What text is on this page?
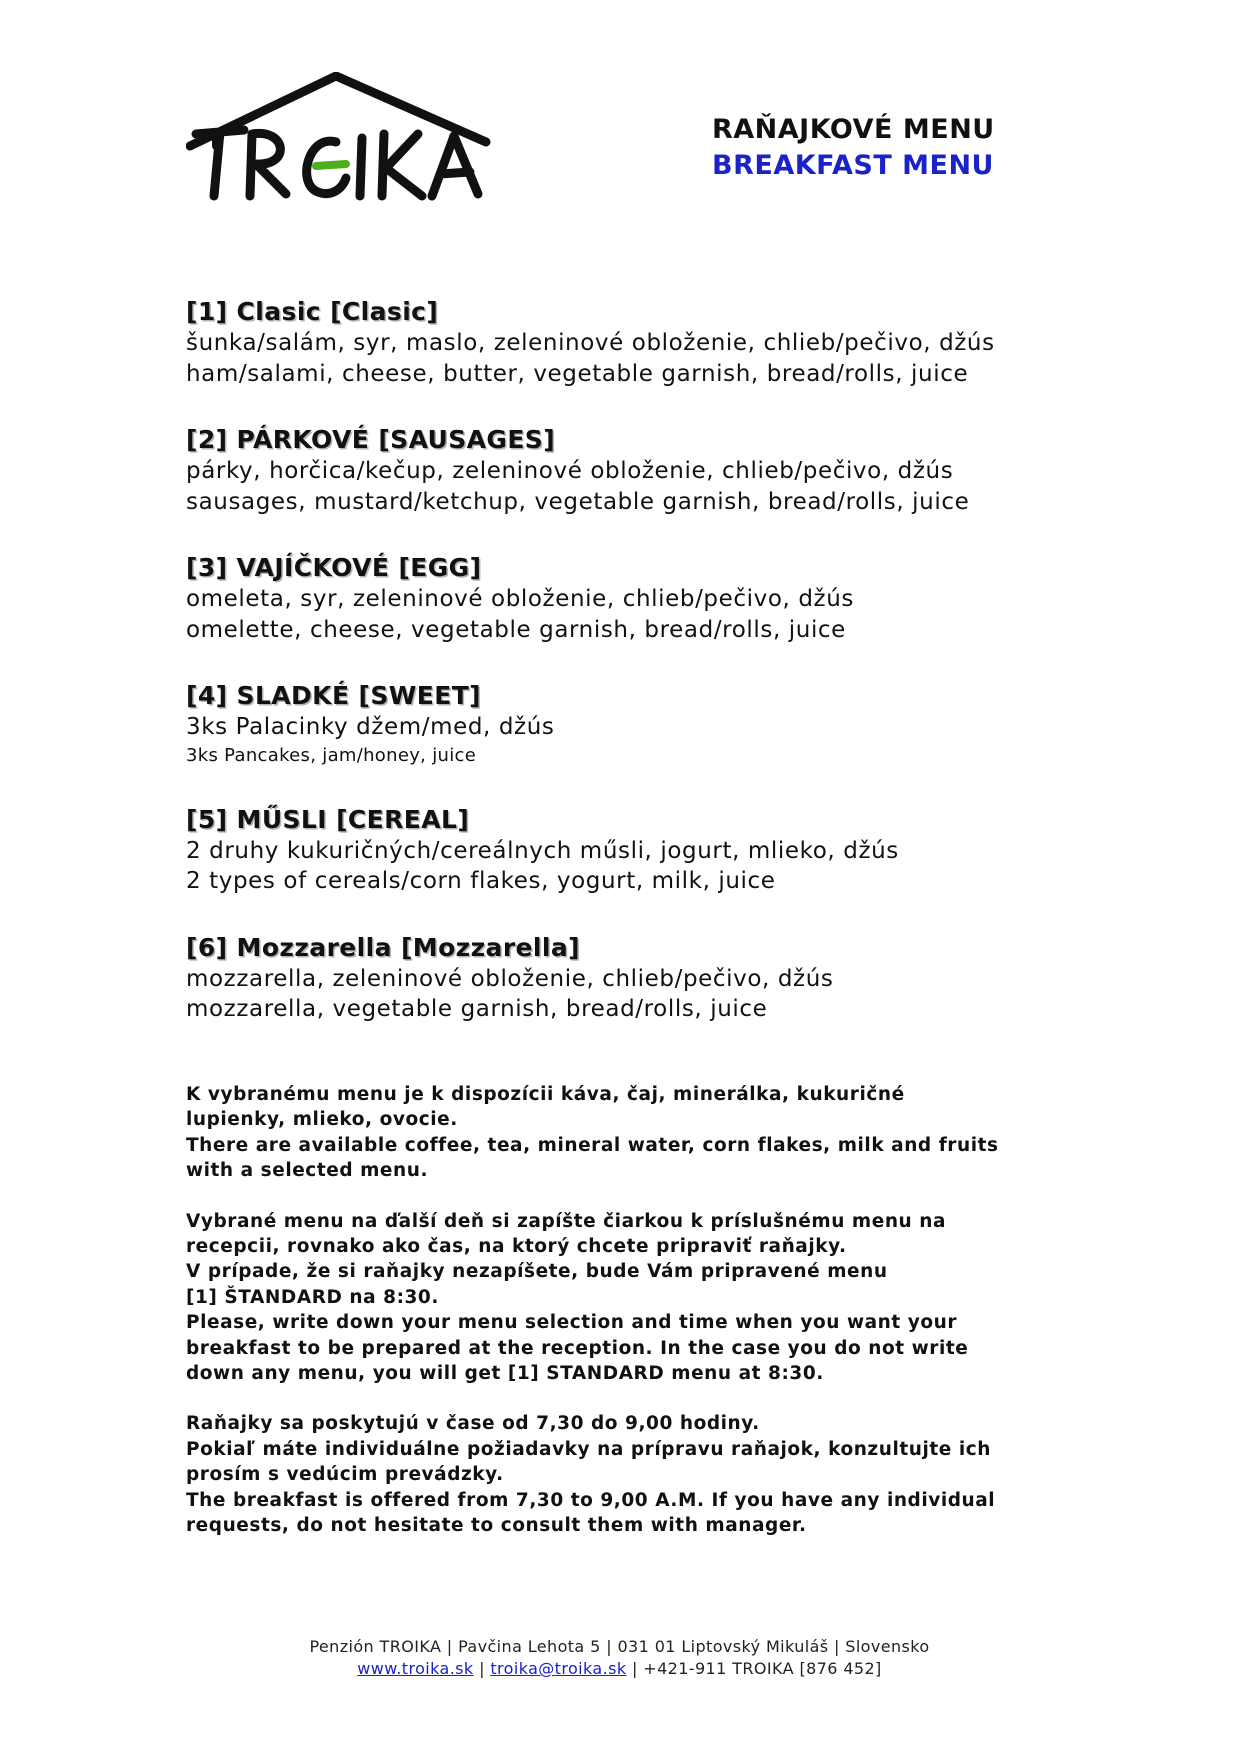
RAŇAJKOVÉ MENU
BREAKFAST MENU
[1] Clasic [Clasic]
šunka/salám, syr, maslo, zeleninové obloženie, chlieb/pečivo, džús
ham/salami, cheese, butter, vegetable garnish, bread/rolls, juice
[2] PÁRKOVÉ [SAUSAGES]
párky, horčica/kečup, zeleninové obloženie, chlieb/pečivo, džús
sausages, mustard/ketchup, vegetable garnish, bread/rolls, juice
[3] VAJÍČKOVÉ [EGG]
omeleta, syr, zeleninové obloženie, chlieb/pečivo, džús
omelette, cheese, vegetable garnish, bread/rolls, juice
[4] SLADKÉ [SWEET]
3ks Palacinky džem/med, džús
3ks Pancakes, jam/honey, juice
[5] MŰSLI [CEREAL]
2 druhy kukuričných/cereálnych műsli, jogurt, mlieko, džús
2 types of cereals/corn flakes, yogurt, milk, juice
[6] Mozzarella [Mozzarella]
mozzarella, zeleninové obloženie, chlieb/pečivo, džús
mozzarella, vegetable garnish, bread/rolls, juice

K vybranému menu je k dispozícii káva, čaj, minerálka, kukuričné
lupienky, mlieko, ovocie.
There are available coffee, tea, mineral water, corn flakes, milk and fruits
with a selected menu.

Vybrané menu na ďalší deň si zapíšte čiarkou k príslušnému menu na
recepcii, rovnako ako čas, na ktorý chcete pripraviť raňajky.
V prípade, že si raňajky nezapíšete, bude Vám pripravené menu
[1] ŠTANDARD na 8:30.
Please, write down your menu selection and time when you want your
breakfast to be prepared at the reception. In the case you do not write
down any menu, you will get [1] STANDARD menu at 8:30.

Raňajky sa poskytujú v čase od 7,30 do 9,00 hodiny.
Pokiaľ máte individuálne požiadavky na prípravu raňajok, konzultujte ich
prosím s vedúcim prevádzky.
The breakfast is offered from 7,30 to 9,00 A.M. If you have any individual
requests, do not hesitate to consult them with manager.

Penzión TROIKA | Pavčina Lehota 5 | 031 01 Liptovský Mikuláš | Slovensko
www.troika.sk | troika@troika.sk | +421-911 TROIKA [876 452]
